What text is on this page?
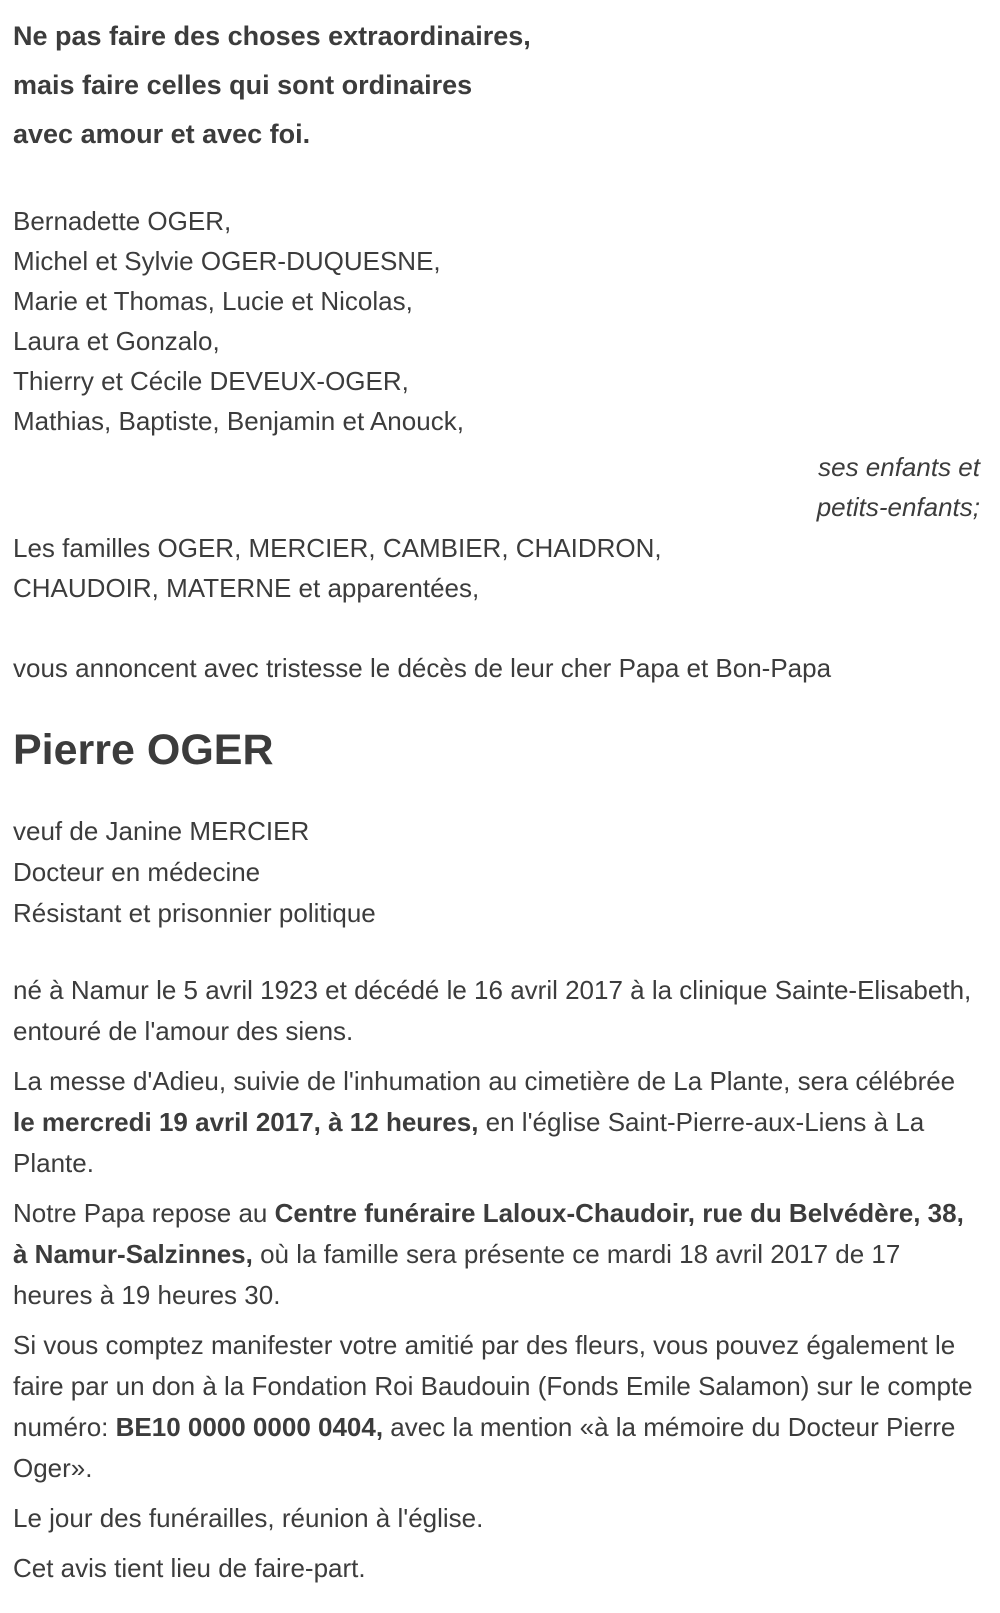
Ne pas faire des choses extraordinaires,

mais faire celles qui sont ordinaires

avec amour et avec foi.

Bernadette OGER,

Michel et Sylvie OGER-DUQUESNE,

Marie et Thomas, Lucie et Nicolas,

Laura et Gonzalo,

Thierry et Cécile DEVEUX-OGER,

Mathias, Baptiste, Benjamin et Anouck,

ses enfants et

petits-enfants;

Les familles OGER, MERCIER, CAMBIER, CHAIDRON,

CHAUDOIR, MATERNE et apparentées,

vous annoncent avec tristesse le décès de leur cher Papa et Bon-Papa

Pierre OGER

veuf de Janine MERCIER

Docteur en médecine

Résistant et prisonnier politique

né à Namur le 5 avril 1923 et décédé le 16 avril 2017 à la clinique Sainte-Elisabeth, entouré de l'amour des siens.

La messe d'Adieu, suivie de l'inhumation au cimetière de La Plante, sera célébrée le mercredi 19 avril 2017, à 12 heures, en l'église Saint-Pierre-aux-Liens à La Plante.

Notre Papa repose au Centre funéraire Laloux-Chaudoir, rue du Belvédère, 38, à Namur-Salzinnes, où la famille sera présente ce mardi 18 avril 2017 de 17 heures à 19 heures 30.

Si vous comptez manifester votre amitié par des fleurs, vous pouvez également le faire par un don à la Fondation Roi Baudouin (Fonds Emile Salamon) sur le compte numéro: BE10 0000 0000 0404, avec la mention «à la mémoire du Docteur Pierre Oger».

Le jour des funérailles, réunion à l'église.

Cet avis tient lieu de faire-part.
